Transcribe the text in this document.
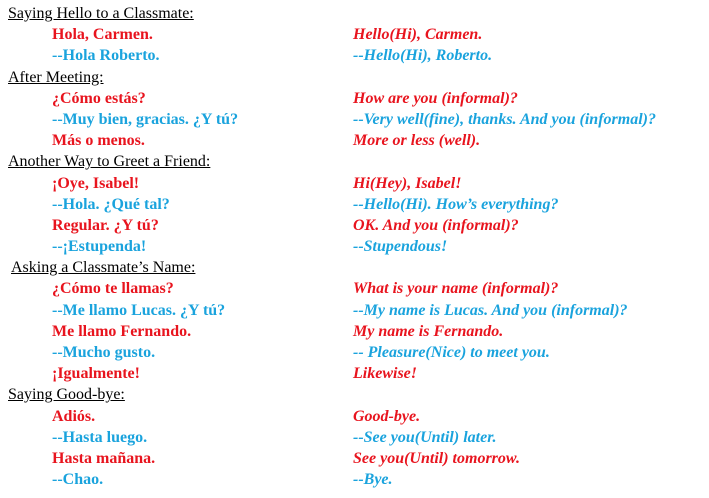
Saying Hello to a Classmate:
Hola, Carmen.	Hello(Hi), Carmen.
--Hola Roberto.	--Hello(Hi), Roberto.
After Meeting:
¿Cómo estás?	How are you (informal)?
--Muy bien, gracias. ¿Y tú?	--Very well(fine), thanks. And you (informal)?
Más o menos.	More or less (well).
Another Way to Greet a Friend:
¡Oye, Isabel!	Hi(Hey), Isabel!
--Hola. ¿Qué tal?	--Hello(Hi). How’s everything?
Regular. ¿Y tú?	OK. And you (informal)?
--¡Estupenda!	--Stupendous!
Asking a Classmate’s Name:
¿Cómo te llamas?	What is your name (informal)?
--Me llamo Lucas. ¿Y tú?	--My name is Lucas. And you (informal)?
Me llamo Fernando.	My name is Fernando.
--Mucho gusto.	-- Pleasure(Nice) to meet you.
¡Igualmente!	Likewise!
Saying Good-bye:
Adiós.	Good-bye.
--Hasta luego.	--See you(Until) later.
Hasta mañana.	See you(Until) tomorrow.
--Chao.	--Bye.
